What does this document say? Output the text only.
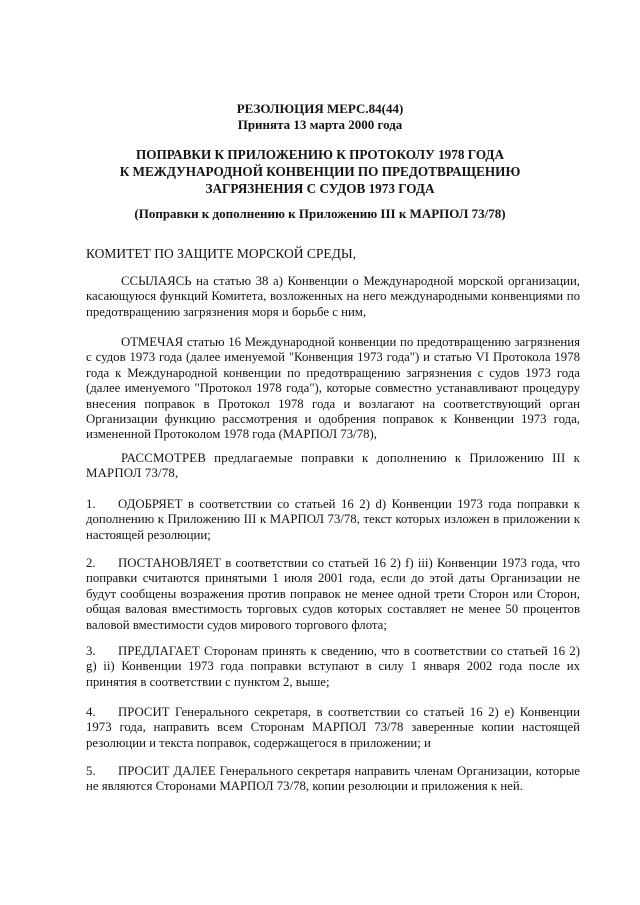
РЕЗОЛЮЦИЯ МЕРС.84(44)
Принята 13 марта 2000 года
ПОПРАВКИ К ПРИЛОЖЕНИЮ К ПРОТОКОЛУ 1978 ГОДА
К МЕЖДУНАРОДНОЙ КОНВЕНЦИИ ПО ПРЕДОТВРАЩЕНИЮ
ЗАГРЯЗНЕНИЯ С СУДОВ 1973 ГОДА
(Поправки к дополнению к Приложению III к МАРПОЛ 73/78)
КОМИТЕТ ПО ЗАЩИТЕ МОРСКОЙ СРЕДЫ,
ССЫЛАЯСЬ на статью 38 a) Конвенции о Международной морской организации, касающуюся функций Комитета, возложенных на него международными конвенциями по предотвращению загрязнения моря и борьбе с ним,
ОТМЕЧАЯ статью 16 Международной конвенции по предотвращению загрязнения с судов 1973 года (далее именуемой "Конвенция 1973 года") и статью VI Протокола 1978 года к Международной конвенции по предотвращению загрязнения с судов 1973 года (далее именуемого "Протокол 1978 года"), которые совместно устанавливают процедуру внесения поправок в Протокол 1978 года и возлагают на соответствующий орган Организации функцию рассмотрения и одобрения поправок к Конвенции 1973 года, измененной Протоколом 1978 года (МАРПОЛ 73/78),
РАССМОТРЕВ предлагаемые поправки к дополнению к Приложению III к МАРПОЛ 73/78,
1. ОДОБРЯЕТ в соответствии со статьей 16 2) d) Конвенции 1973 года поправки к дополнению к Приложению III к МАРПОЛ 73/78, текст которых изложен в приложении к настоящей резолюции;
2. ПОСТАНОВЛЯЕТ в соответствии со статьей 16 2) f) iii) Конвенции 1973 года, что поправки считаются принятыми 1 июля 2001 года, если до этой даты Организации не будут сообщены возражения против поправок не менее одной трети Сторон или Сторон, общая валовая вместимость торговых судов которых составляет не менее 50 процентов валовой вместимости судов мирового торгового флота;
3. ПРЕДЛАГАЕТ Сторонам принять к сведению, что в соответствии со статьей 16 2) g) ii) Конвенции 1973 года поправки вступают в силу 1 января 2002 года после их принятия в соответствии с пунктом 2, выше;
4. ПРОСИТ Генерального секретаря, в соответствии со статьей 16 2) e) Конвенции 1973 года, направить всем Сторонам МАРПОЛ 73/78 заверенные копии настоящей резолюции и текста поправок, содержащегося в приложении; и
5. ПРОСИТ ДАЛЕЕ Генерального секретаря направить членам Организации, которые не являются Сторонами МАРПОЛ 73/78, копии резолюции и приложения к ней.
